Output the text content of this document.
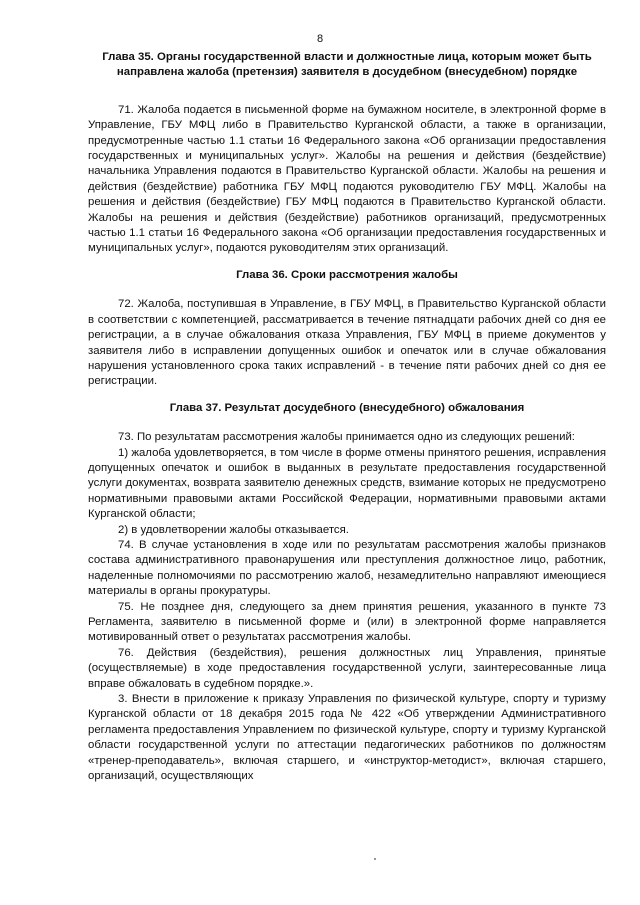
8
Глава 35. Органы государственной власти и должностные лица, которым может быть направлена жалоба (претензия) заявителя в досудебном (внесудебном) порядке

71. Жалоба подается в письменной форме на бумажном носителе, в электронной форме в Управление, ГБУ МФЦ либо в Правительство Курганской области, а также в организации, предусмотренные частью 1.1 статьи 16 Федерального закона «Об организации предоставления государственных и муниципальных услуг». Жалобы на решения и действия (бездействие) начальника Управления подаются в Правительство Курганской области. Жалобы на решения и действия (бездействие) работника ГБУ МФЦ подаются руководителю ГБУ МФЦ. Жалобы на решения и действия (бездействие) ГБУ МФЦ подаются в Правительство Курганской области. Жалобы на решения и действия (бездействие) работников организаций, предусмотренных частью 1.1 статьи 16 Федерального закона «Об организации предоставления государственных и муниципальных услуг», подаются руководителям этих организаций.

Глава 36. Сроки рассмотрения жалобы

72. Жалоба, поступившая в Управление, в ГБУ МФЦ, в Правительство Курганской области в соответствии с компетенцией, рассматривается в течение пятнадцати рабочих дней со дня ее регистрации, а в случае обжалования отказа Управления, ГБУ МФЦ в приеме документов у заявителя либо в исправлении допущенных ошибок и опечаток или в случае обжалования нарушения установленного срока таких исправлений - в течение пяти рабочих дней со дня ее регистрации.

Глава 37. Результат досудебного (внесудебного) обжалования

73. По результатам рассмотрения жалобы принимается одно из следующих решений:

1) жалоба удовлетворяется, в том числе в форме отмены принятого решения, исправления допущенных опечаток и ошибок в выданных в результате предоставления государственной услуги документах, возврата заявителю денежных средств, взимание которых не предусмотрено нормативными правовыми актами Российской Федерации, нормативными правовыми актами Курганской области;

2) в удовлетворении жалобы отказывается.

74. В случае установления в ходе или по результатам рассмотрения жалобы признаков состава административного правонарушения или преступления должностное лицо, работник, наделенные полномочиями по рассмотрению жалоб, незамедлительно направляют имеющиеся материалы в органы прокуратуры.

75. Не позднее дня, следующего за днем принятия решения, указанного в пункте 73 Регламента, заявителю в письменной форме и (или) в электронной форме направляется мотивированный ответ о результатах рассмотрения жалобы.

76. Действия (бездействия), решения должностных лиц Управления, принятые (осуществляемые) в ходе предоставления государственной услуги, заинтересованные лица вправе обжаловать в судебном порядке.».

3. Внести в приложение к приказу Управления по физической культуре, спорту и туризму Курганской области от 18 декабря 2015 года № 422 «Об утверждении Административного регламента предоставления Управлением по физической культуре, спорту и туризму Курганской области государственной услуги по аттестации педагогических работников по должностям «тренер-преподаватель», включая старшего, и «инструктор-методист», включая старшего, организаций, осуществляющих
